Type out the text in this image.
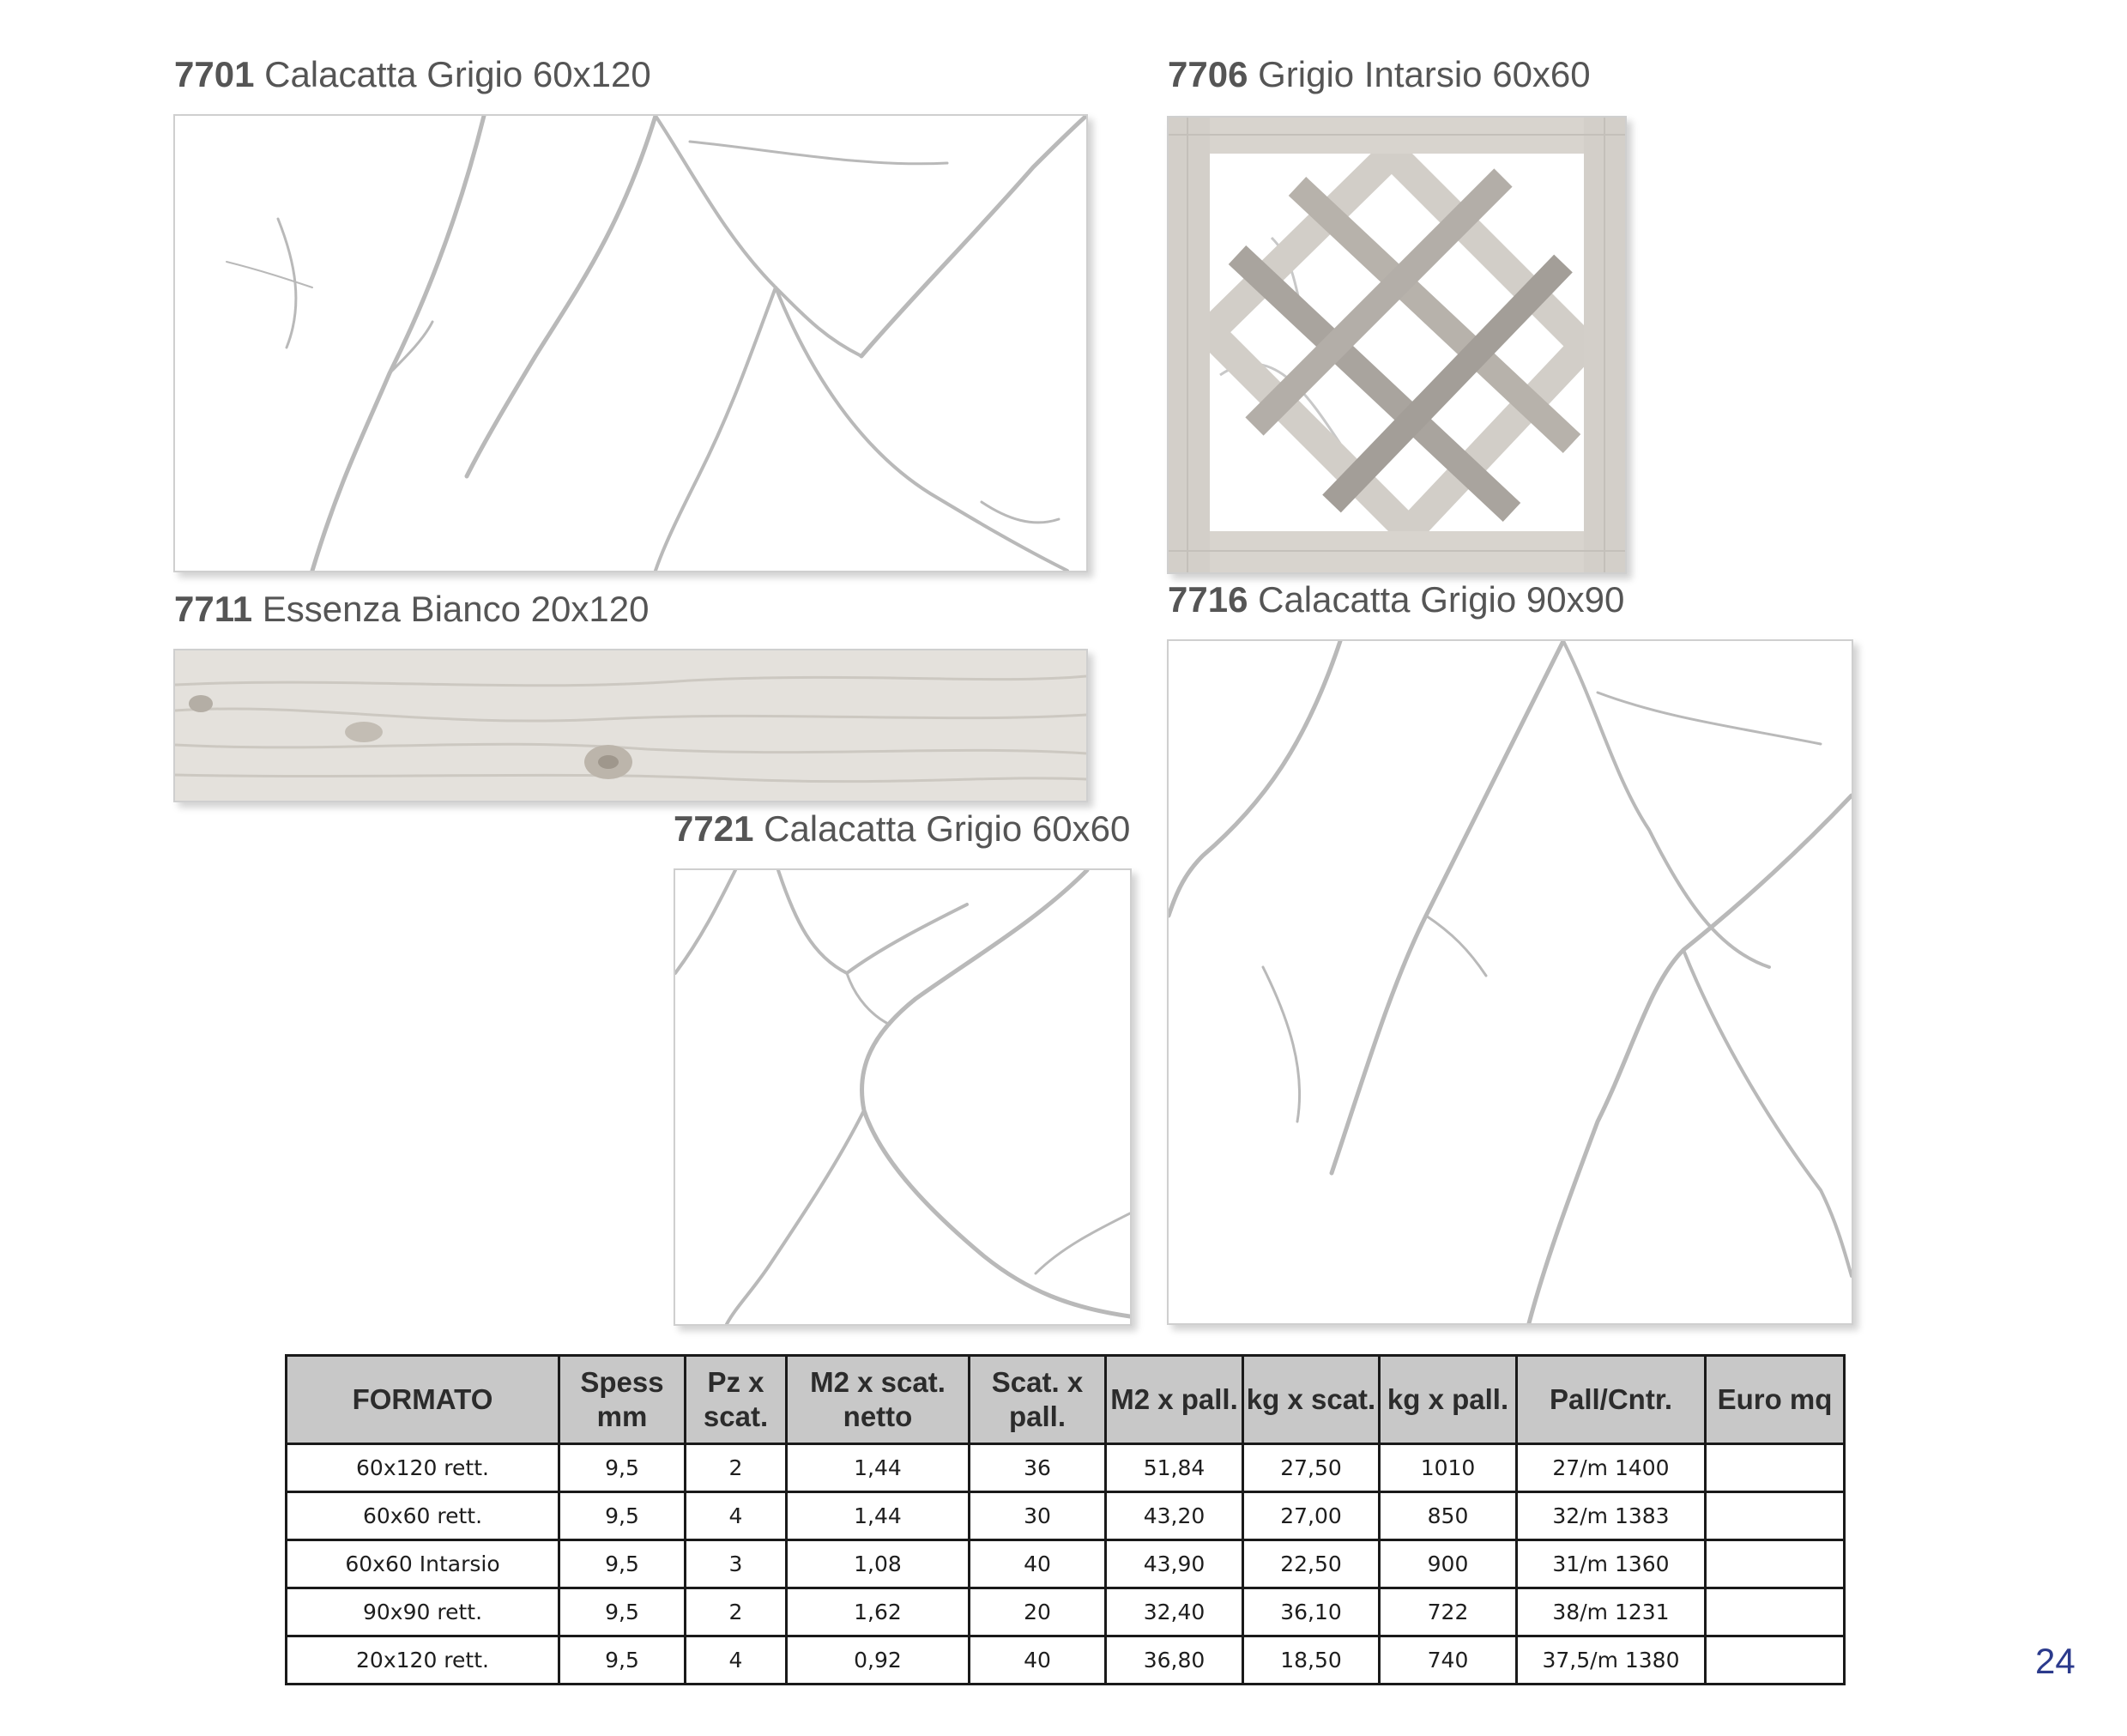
7701 Calacatta Grigio 60x120	7706 Grigio Intarsio 60x60
7711 Essenza Bianco 20x120	7716 Calacatta Grigio 90x90
7721 Calacatta Grigio 60x60
FORMATO	Spess mm	Pz x scat.	M2 x scat. netto	Scat. x pall.	M2 x pall.	kg x scat.	kg x pall.	Pall/Cntr.	Euro mq
60x120 rett.	9,5	2	1,44	36	51,84	27,50	1010	27/m 1400	
60x60 rett.	9,5	4	1,44	30	43,20	27,00	850	32/m 1383	
60x60 Intarsio	9,5	3	1,08	40	43,90	22,50	900	31/m 1360	
90x90 rett.	9,5	2	1,62	20	32,40	36,10	722	38/m 1231	
20x120 rett.	9,5	4	0,92	40	36,80	18,50	740	37,5/m 1380		24
